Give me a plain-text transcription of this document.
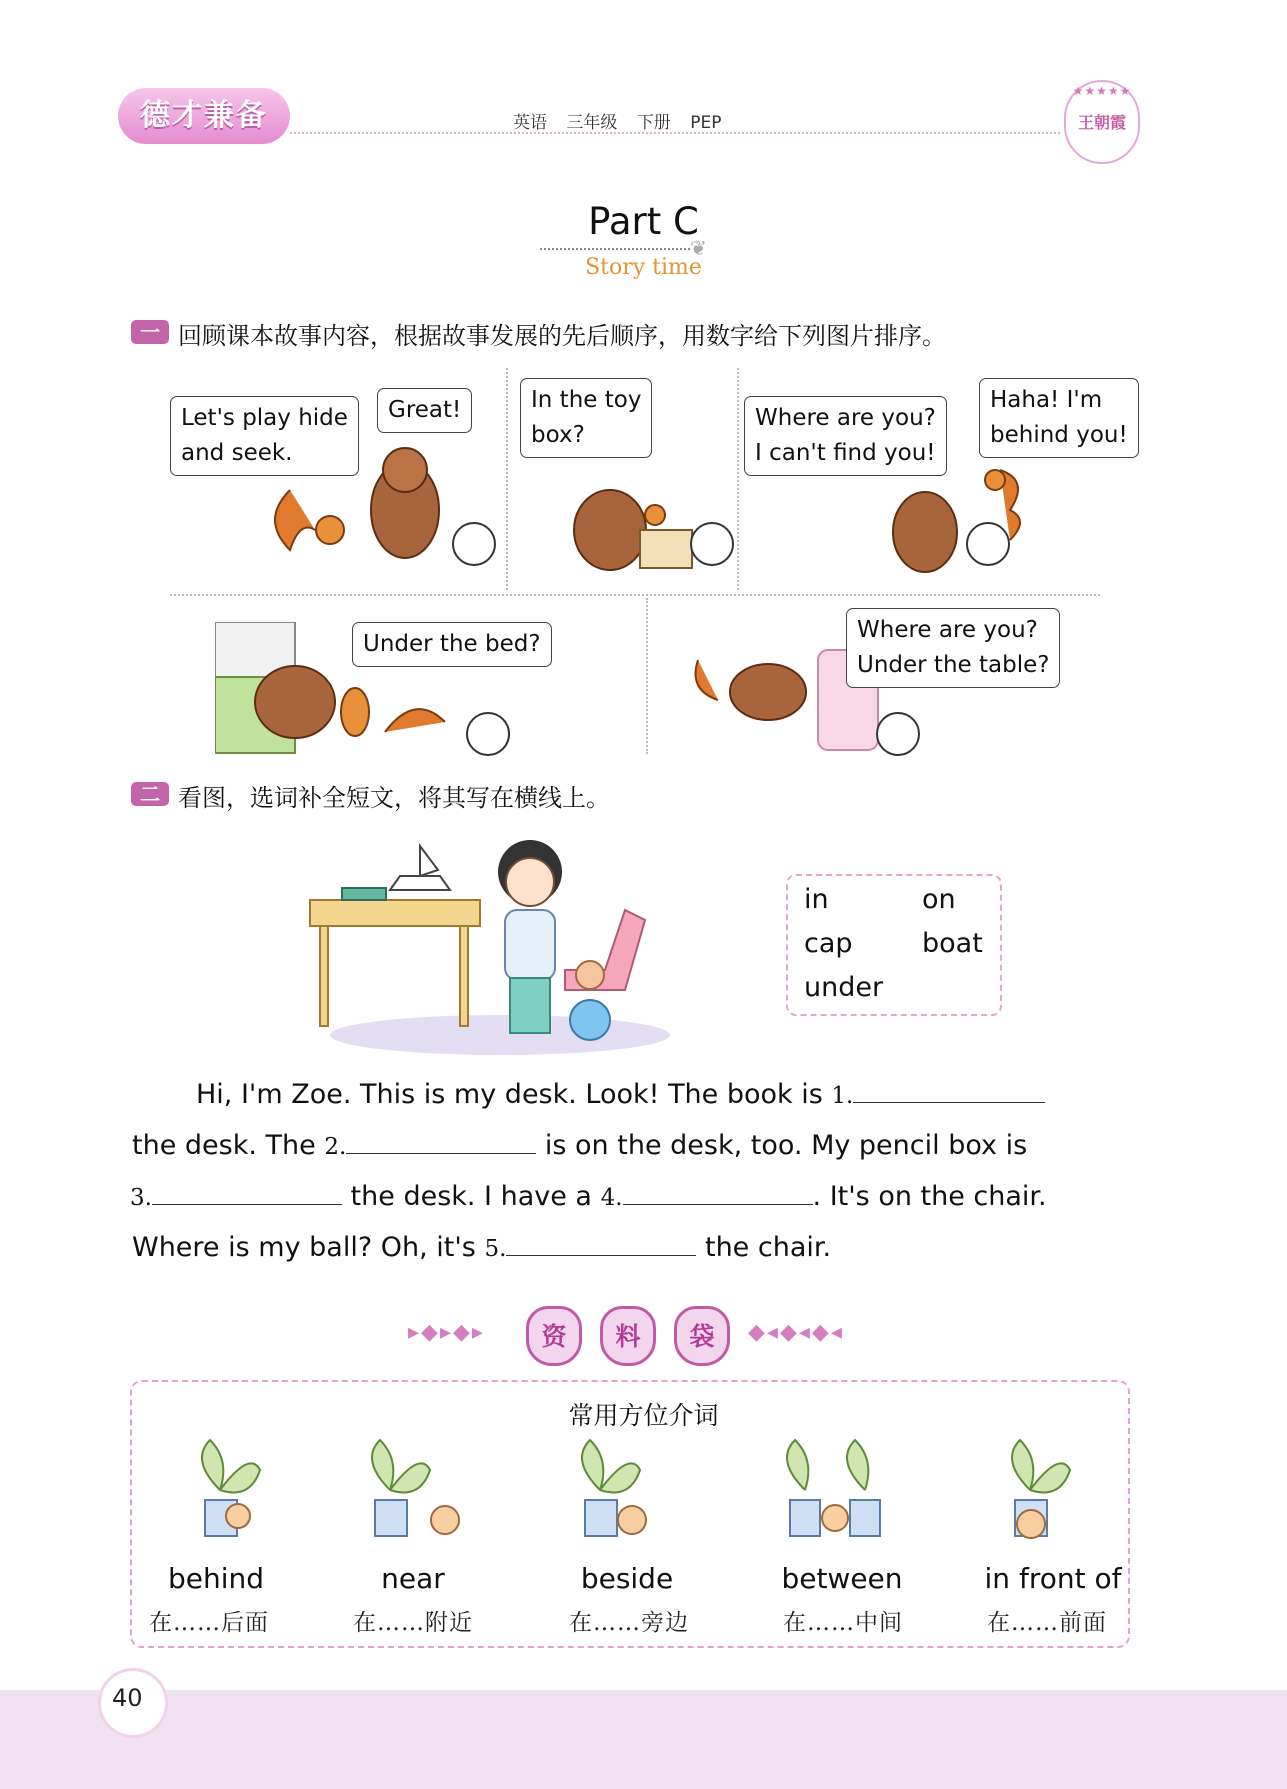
德才兼备	英语 三年级 下册 PEP
★★★★★
王朝霞
Part C
❦
Story time
一 回顾课本故事内容，根据故事发展的先后顺序，用数字给下列图片排序。
Let's play hide
and seek.
Great!	In the toy
box?
Where are you?
I can't find you!
Haha! I'm
behind you!
Under the bed?
Where are you?
Under the table?
二 看图，选词补全短文，将其写在横线上。
in	on
cap	boat
under
Hi, I'm Zoe. This is my desk. Look! The book is 1.
the desk. The 2.	is on the desk, too. My pencil box is
3.	the desk. I have a 4.	. It's on the chair.
Where is my ball? Oh, it's 5.	the chair.
▸◆▸◆▸	资	料	袋	◆◂◆◂◆◂
常用方位介词
behind
在……后面
near
在……附近
beside
在……旁边
between
在……中间
in front of
在……前面
40
